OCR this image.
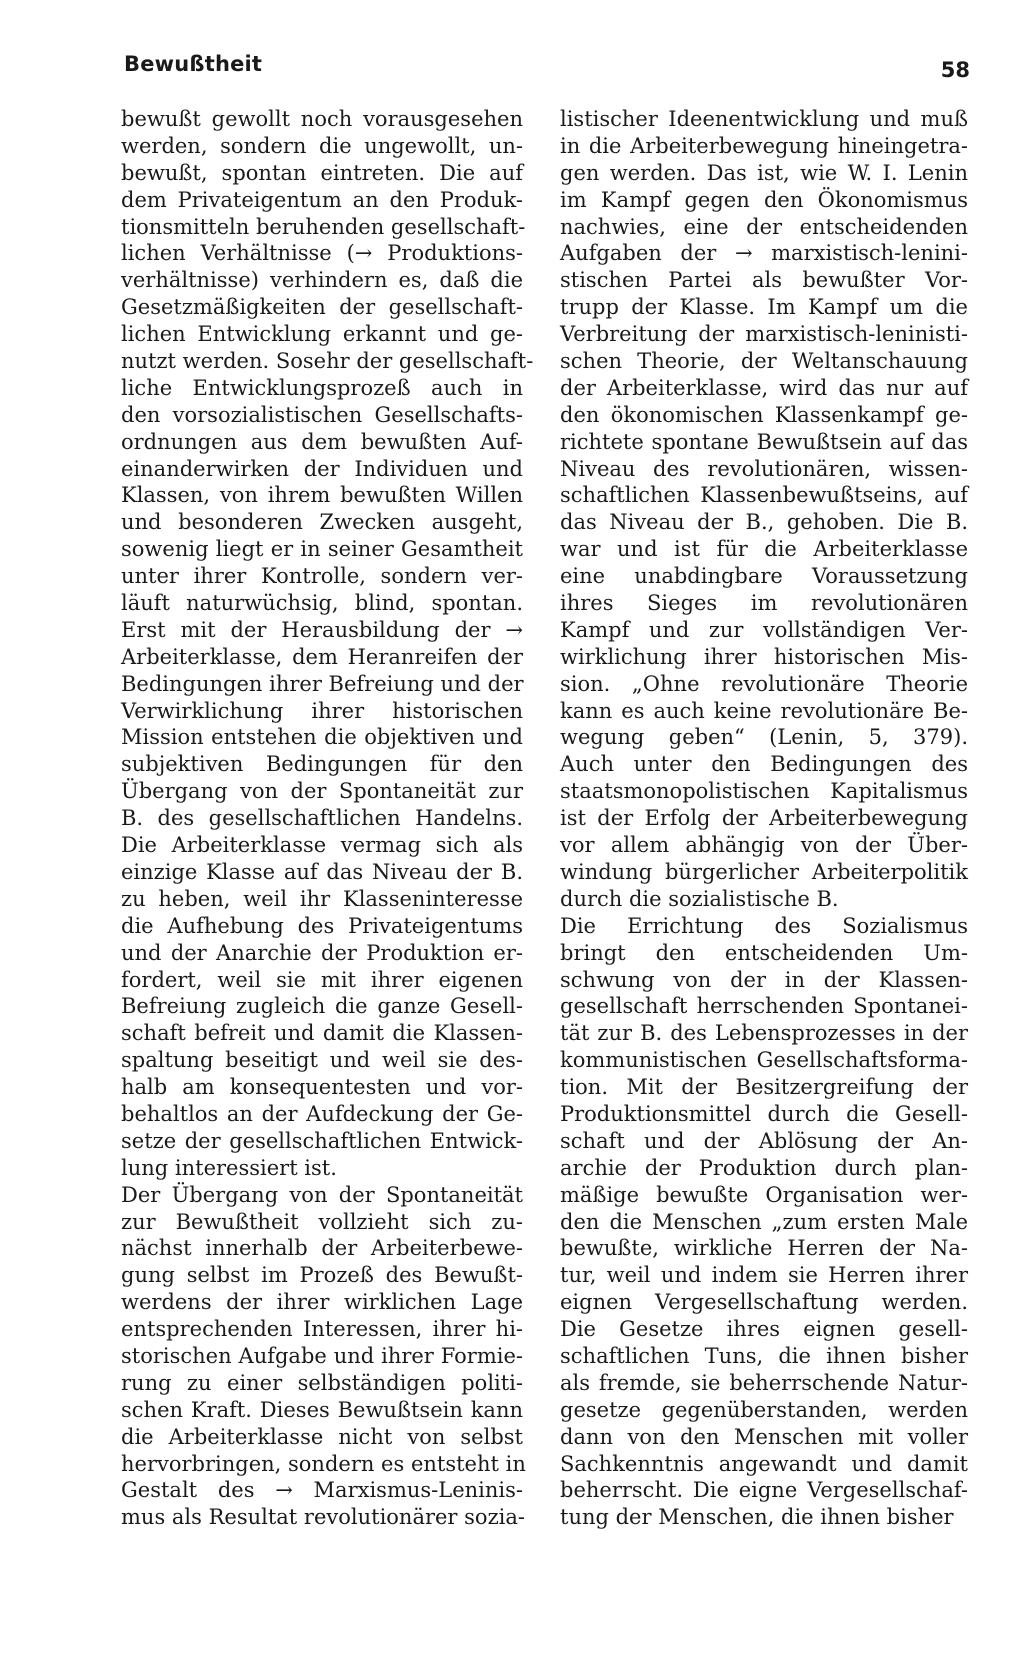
Bewußtheit	58
bewußt gewollt noch vorausgesehen
werden, sondern die ungewollt, un-
bewußt, spontan eintreten. Die auf
dem Privateigentum an den Produk-
tionsmitteln beruhenden gesellschaft-
lichen Verhältnisse (→ Produktions-
verhältnisse) verhindern es, daß die
Gesetzmäßigkeiten der gesellschaft-
lichen Entwicklung erkannt und ge-
nutzt werden. Sosehr der gesellschaft-
liche Entwicklungsprozeß auch in
den vorsozialistischen Gesellschafts-
ordnungen aus dem bewußten Auf-
einanderwirken der Individuen und
Klassen, von ihrem bewußten Willen
und besonderen Zwecken ausgeht,
sowenig liegt er in seiner Gesamtheit
unter ihrer Kontrolle, sondern ver-
läuft naturwüchsig, blind, spontan.
Erst mit der Herausbildung der →
Arbeiterklasse, dem Heranreifen der
Bedingungen ihrer Befreiung und der
Verwirklichung ihrer historischen
Mission entstehen die objektiven und
subjektiven Bedingungen für den
Übergang von der Spontaneität zur
B. des gesellschaftlichen Handelns.
Die Arbeiterklasse vermag sich als
einzige Klasse auf das Niveau der B.
zu heben, weil ihr Klasseninteresse
die Aufhebung des Privateigentums
und der Anarchie der Produktion er-
fordert, weil sie mit ihrer eigenen
Befreiung zugleich die ganze Gesell-
schaft befreit und damit die Klassen-
spaltung beseitigt und weil sie des-
halb am konsequentesten und vor-
behaltlos an der Aufdeckung der Ge-
setze der gesellschaftlichen Entwick-
lung interessiert ist.
Der Übergang von der Spontaneität
zur Bewußtheit vollzieht sich zu-
nächst innerhalb der Arbeiterbewe-
gung selbst im Prozeß des Bewußt-
werdens der ihrer wirklichen Lage
entsprechenden Interessen, ihrer hi-
storischen Aufgabe und ihrer Formie-
rung zu einer selbständigen politi-
schen Kraft. Dieses Bewußtsein kann
die Arbeiterklasse nicht von selbst
hervorbringen, sondern es entsteht in
Gestalt des → Marxismus-Leninis-
mus als Resultat revolutionärer sozia-
listischer Ideenentwicklung und muß
in die Arbeiterbewegung hineingetra-
gen werden. Das ist, wie W. I. Lenin
im Kampf gegen den Ökonomismus
nachwies, eine der entscheidenden
Aufgaben der → marxistisch-lenini-
stischen Partei als bewußter Vor-
trupp der Klasse. Im Kampf um die
Verbreitung der marxistisch-leninisti-
schen Theorie, der Weltanschauung
der Arbeiterklasse, wird das nur auf
den ökonomischen Klassenkampf ge-
richtete spontane Bewußtsein auf das
Niveau des revolutionären, wissen-
schaftlichen Klassenbewußtseins, auf
das Niveau der B., gehoben. Die B.
war und ist für die Arbeiterklasse
eine unabdingbare Voraussetzung
ihres Sieges im revolutionären
Kampf und zur vollständigen Ver-
wirklichung ihrer historischen Mis-
sion. „Ohne revolutionäre Theorie
kann es auch keine revolutionäre Be-
wegung geben“ (Lenin, 5, 379).
Auch unter den Bedingungen des
staatsmonopolistischen Kapitalismus
ist der Erfolg der Arbeiterbewegung
vor allem abhängig von der Über-
windung bürgerlicher Arbeiterpolitik
durch die sozialistische B.
Die Errichtung des Sozialismus
bringt den entscheidenden Um-
schwung von der in der Klassen-
gesellschaft herrschenden Spontanei-
tät zur B. des Lebensprozesses in der
kommunistischen Gesellschaftsforma-
tion. Mit der Besitzergreifung der
Produktionsmittel durch die Gesell-
schaft und der Ablösung der An-
archie der Produktion durch plan-
mäßige bewußte Organisation wer-
den die Menschen „zum ersten Male
bewußte, wirkliche Herren der Na-
tur, weil und indem sie Herren ihrer
eignen Vergesellschaftung werden.
Die Gesetze ihres eignen gesell-
schaftlichen Tuns, die ihnen bisher
als fremde, sie beherrschende Natur-
gesetze gegenüberstanden, werden
dann von den Menschen mit voller
Sachkenntnis angewandt und damit
beherrscht. Die eigne Vergesellschaf-
tung der Menschen, die ihnen bisher
